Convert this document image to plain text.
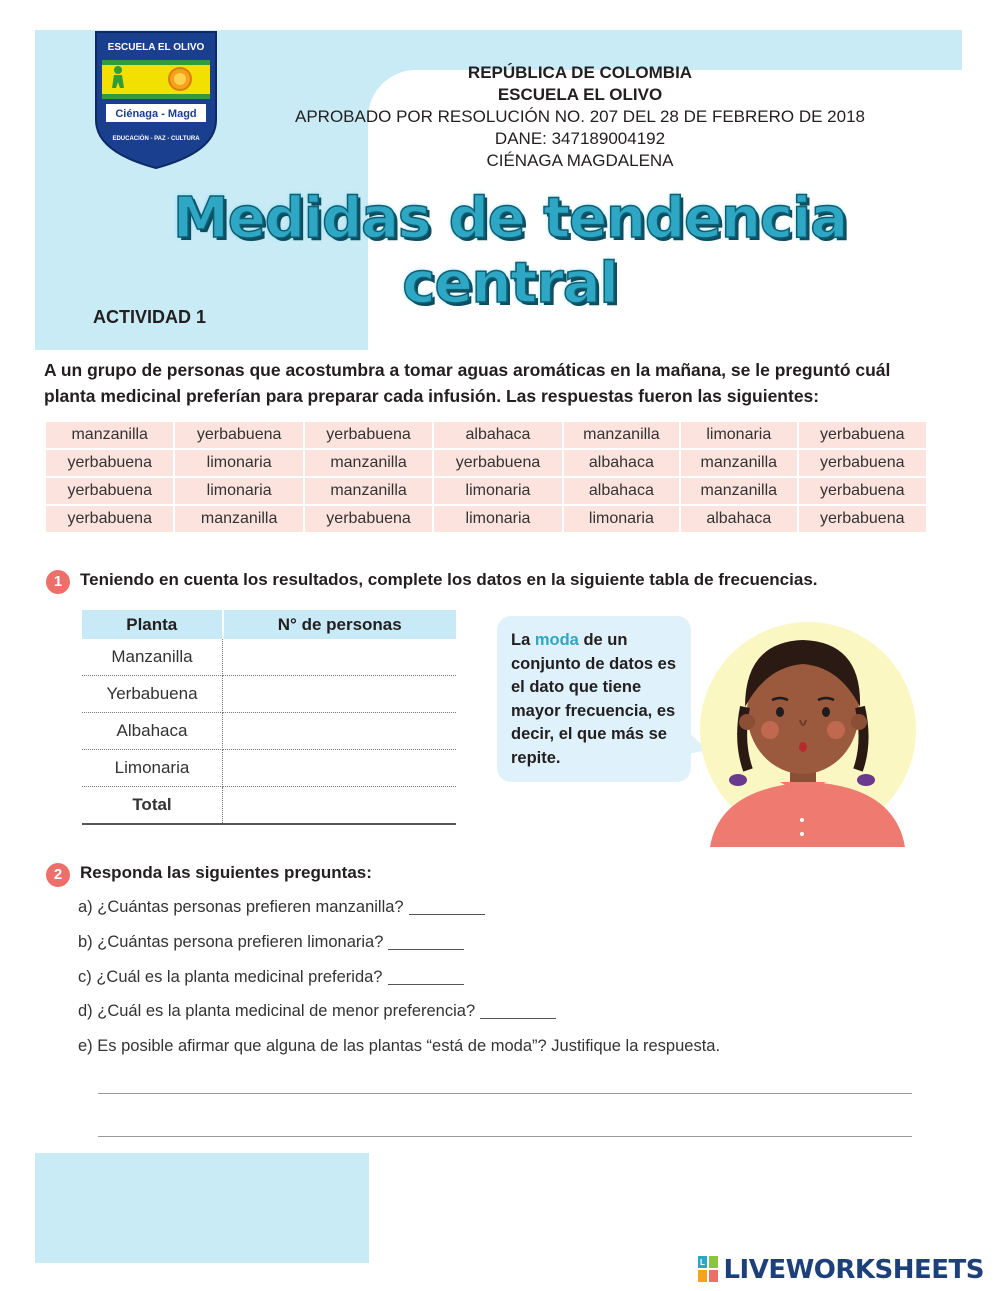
ESCUELA EL OLIVO
Ciénaga - Magd
EDUCACIÓN - PAZ - CULTURA
REPÚBLICA DE COLOMBIA
ESCUELA EL OLIVO
APROBADO POR RESOLUCIÓN NO. 207 DEL 28 DE FEBRERO DE 2018
DANE: 347189004192
CIÉNAGA MAGDALENA
Medidas de tendencia central
ACTIVIDAD 1
A un grupo de personas que acostumbra a tomar aguas aromáticas en la mañana, se le preguntó cuál planta medicinal preferían para preparar cada infusión. Las respuestas fueron las siguientes:
manzanilla	yerbabuena	yerbabuena	albahaca	manzanilla	limonaria	yerbabuena
yerbabuena	limonaria	manzanilla	yerbabuena	albahaca	manzanilla	yerbabuena
yerbabuena	limonaria	manzanilla	limonaria	albahaca	manzanilla	yerbabuena
yerbabuena	manzanilla	yerbabuena	limonaria	limonaria	albahaca	yerbabuena
1	Teniendo en cuenta los resultados, complete los datos en la siguiente tabla de frecuencias.
Planta	N° de personas
Manzanilla	
Yerbabuena	
Albahaca	
Limonaria	
Total	
La moda de un conjunto de datos es el dato que tiene mayor frecuencia, es decir, el que más se repite.
2	Responda las siguientes preguntas:
a) ¿Cuántas personas prefieren manzanilla?
b) ¿Cuántas persona prefieren limonaria?
c) ¿Cuál es la planta medicinal preferida?
d) ¿Cuál es la planta medicinal de menor preferencia?
e) Es posible afirmar que alguna de las plantas “está de moda”? Justifique la respuesta.
L LIVEWORKSHEETS
